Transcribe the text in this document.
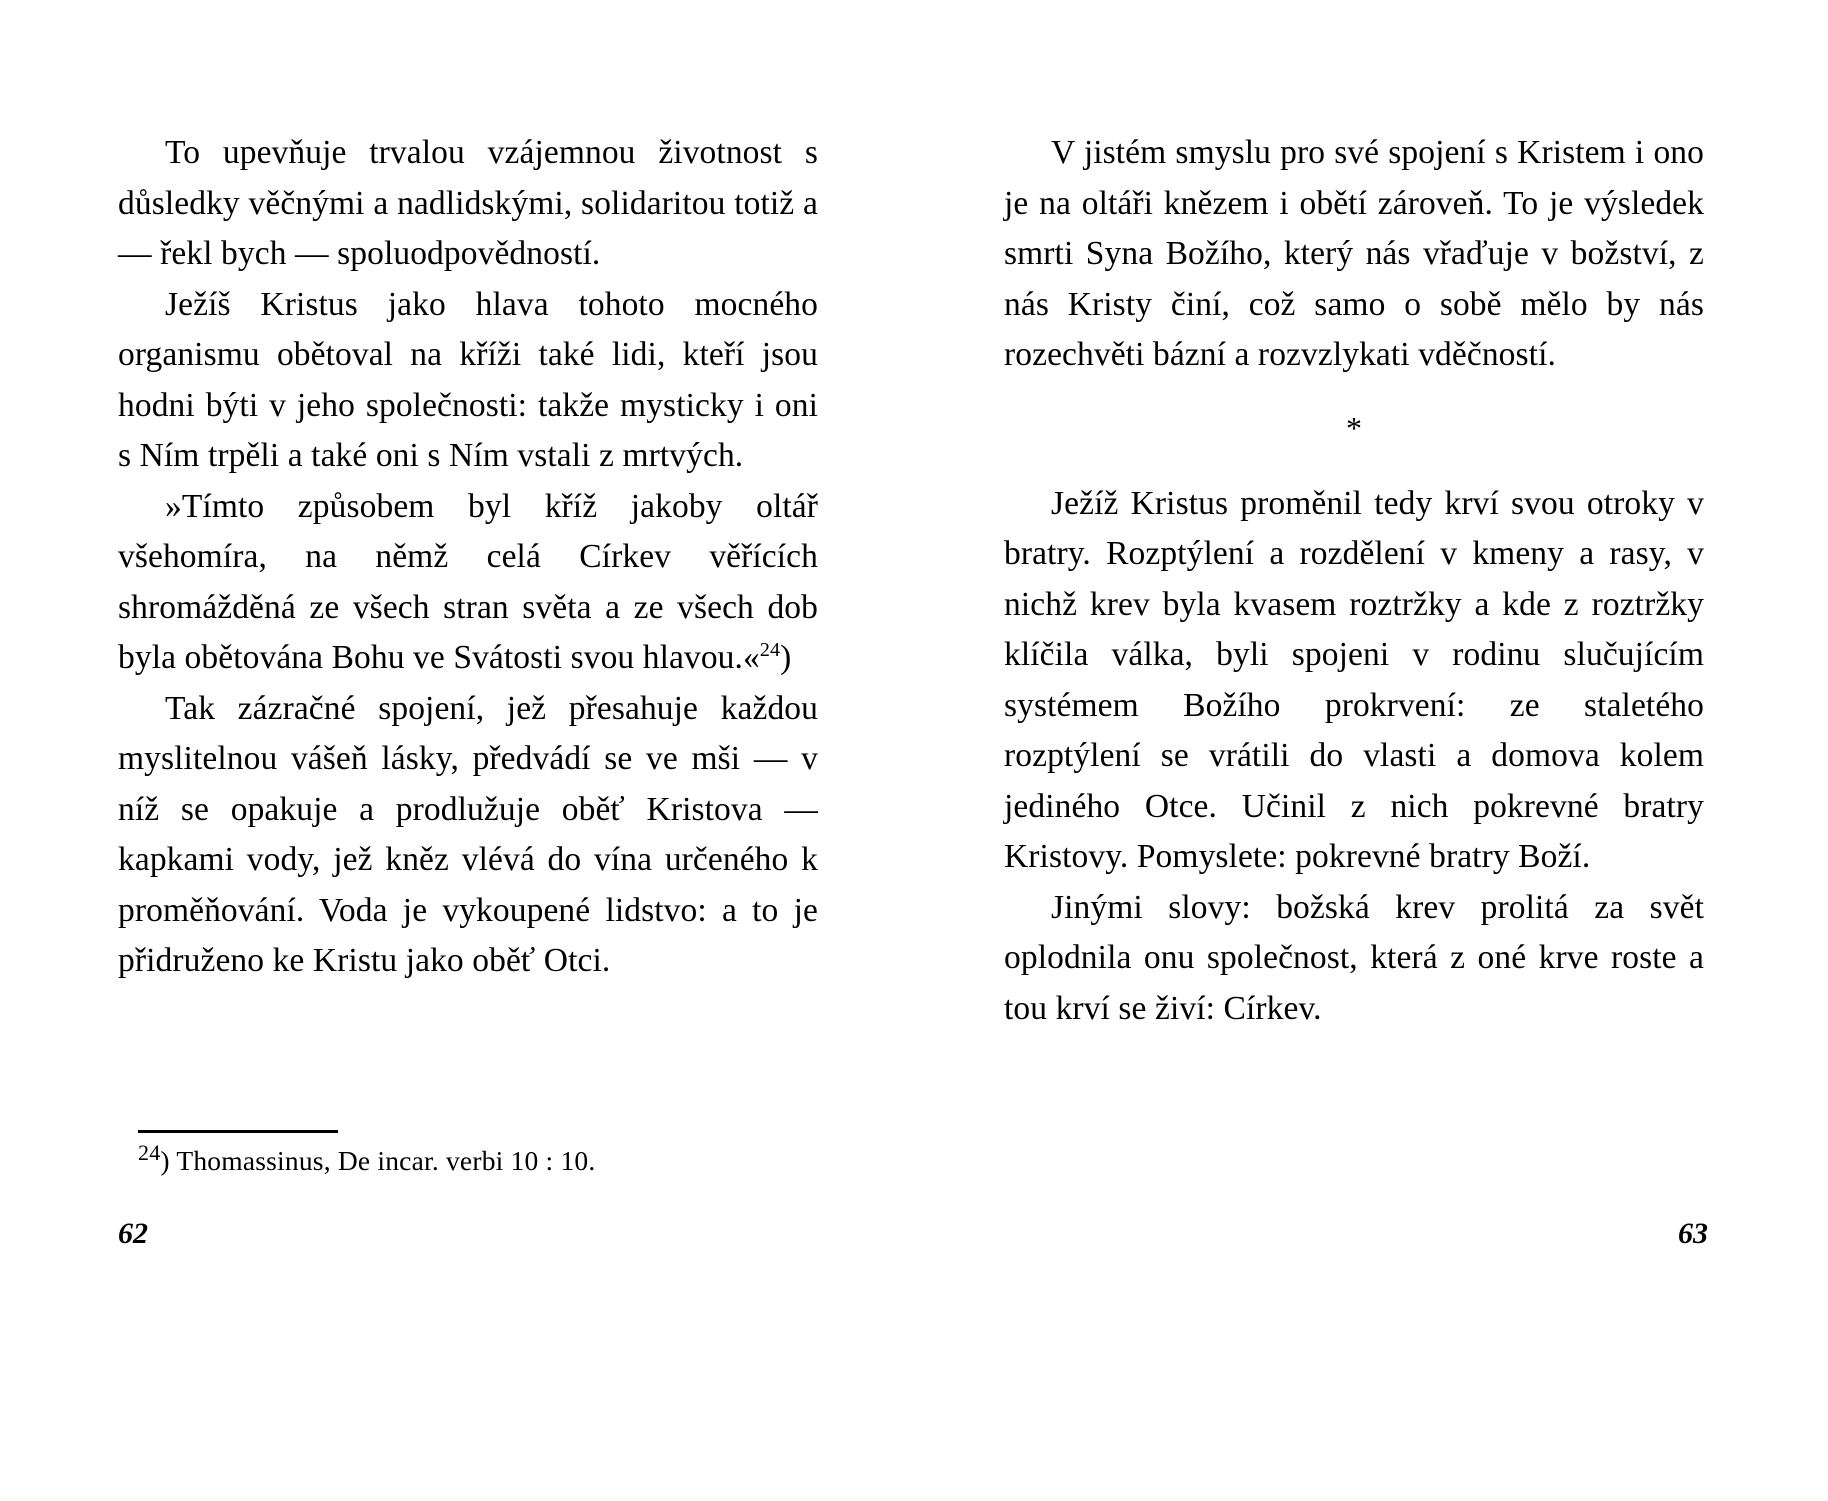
To upevňuje trvalou vzájemnou životnost s důsledky věčnými a nadlidskými, solidaritou totiž a — řekl bych — spoluodpovědností.

Ježíš Kristus jako hlava tohoto mocného organismu obětoval na kříži také lidi, kteří jsou hodni býti v jeho společnosti: takže mysticky i oni s Ním trpěli a také oni s Ním vstali z mrtvých.

»Tímto způsobem byl kříž jakoby oltář všehomíra, na němž celá Církev věřících shromážděná ze všech stran světa a ze všech dob byla obětována Bohu ve Svátosti svou hlavou.«$^{24}$)

Tak zázračné spojení, jež přesahuje každou myslitelnou vášeň lásky, předvádí se ve mši — v níž se opakuje a prodlužuje oběť Kristova — kapkami vody, jež kněz vlévá do vína určeného k proměňování. Voda je vykoupené lidstvo: a to je přidruženo ke Kristu jako oběť Otci.

$^{24}$) Thomassinus, De incar. verbi 10 : 10.
62

V jistém smyslu pro své spojení s Kristem i ono je na oltáři knězem i obětí zároveň. To je výsledek smrti Syna Božího, který nás vřaďuje v božství, z nás Kristy činí, což samo o sobě mělo by nás rozechvěti bázní a rozvzlykati vděčností.

*

Ježíž Kristus proměnil tedy krví svou otroky v bratry. Rozptýlení a rozdělení v kmeny a rasy, v nichž krev byla kvasem roztržky a kde z roztržky klíčila válka, byli spojeni v rodinu slučujícím systémem Božího prokrvení: ze staletého rozptýlení se vrátili do vlasti a domova kolem jediného Otce. Učinil z nich pokrevné bratry Kristovy. Pomyslete: pokrevné bratry Boží.

Jinými slovy: božská krev prolitá za svět oplodnila onu společnost, která z oné krve roste a tou krví se živí: Církev.

63
